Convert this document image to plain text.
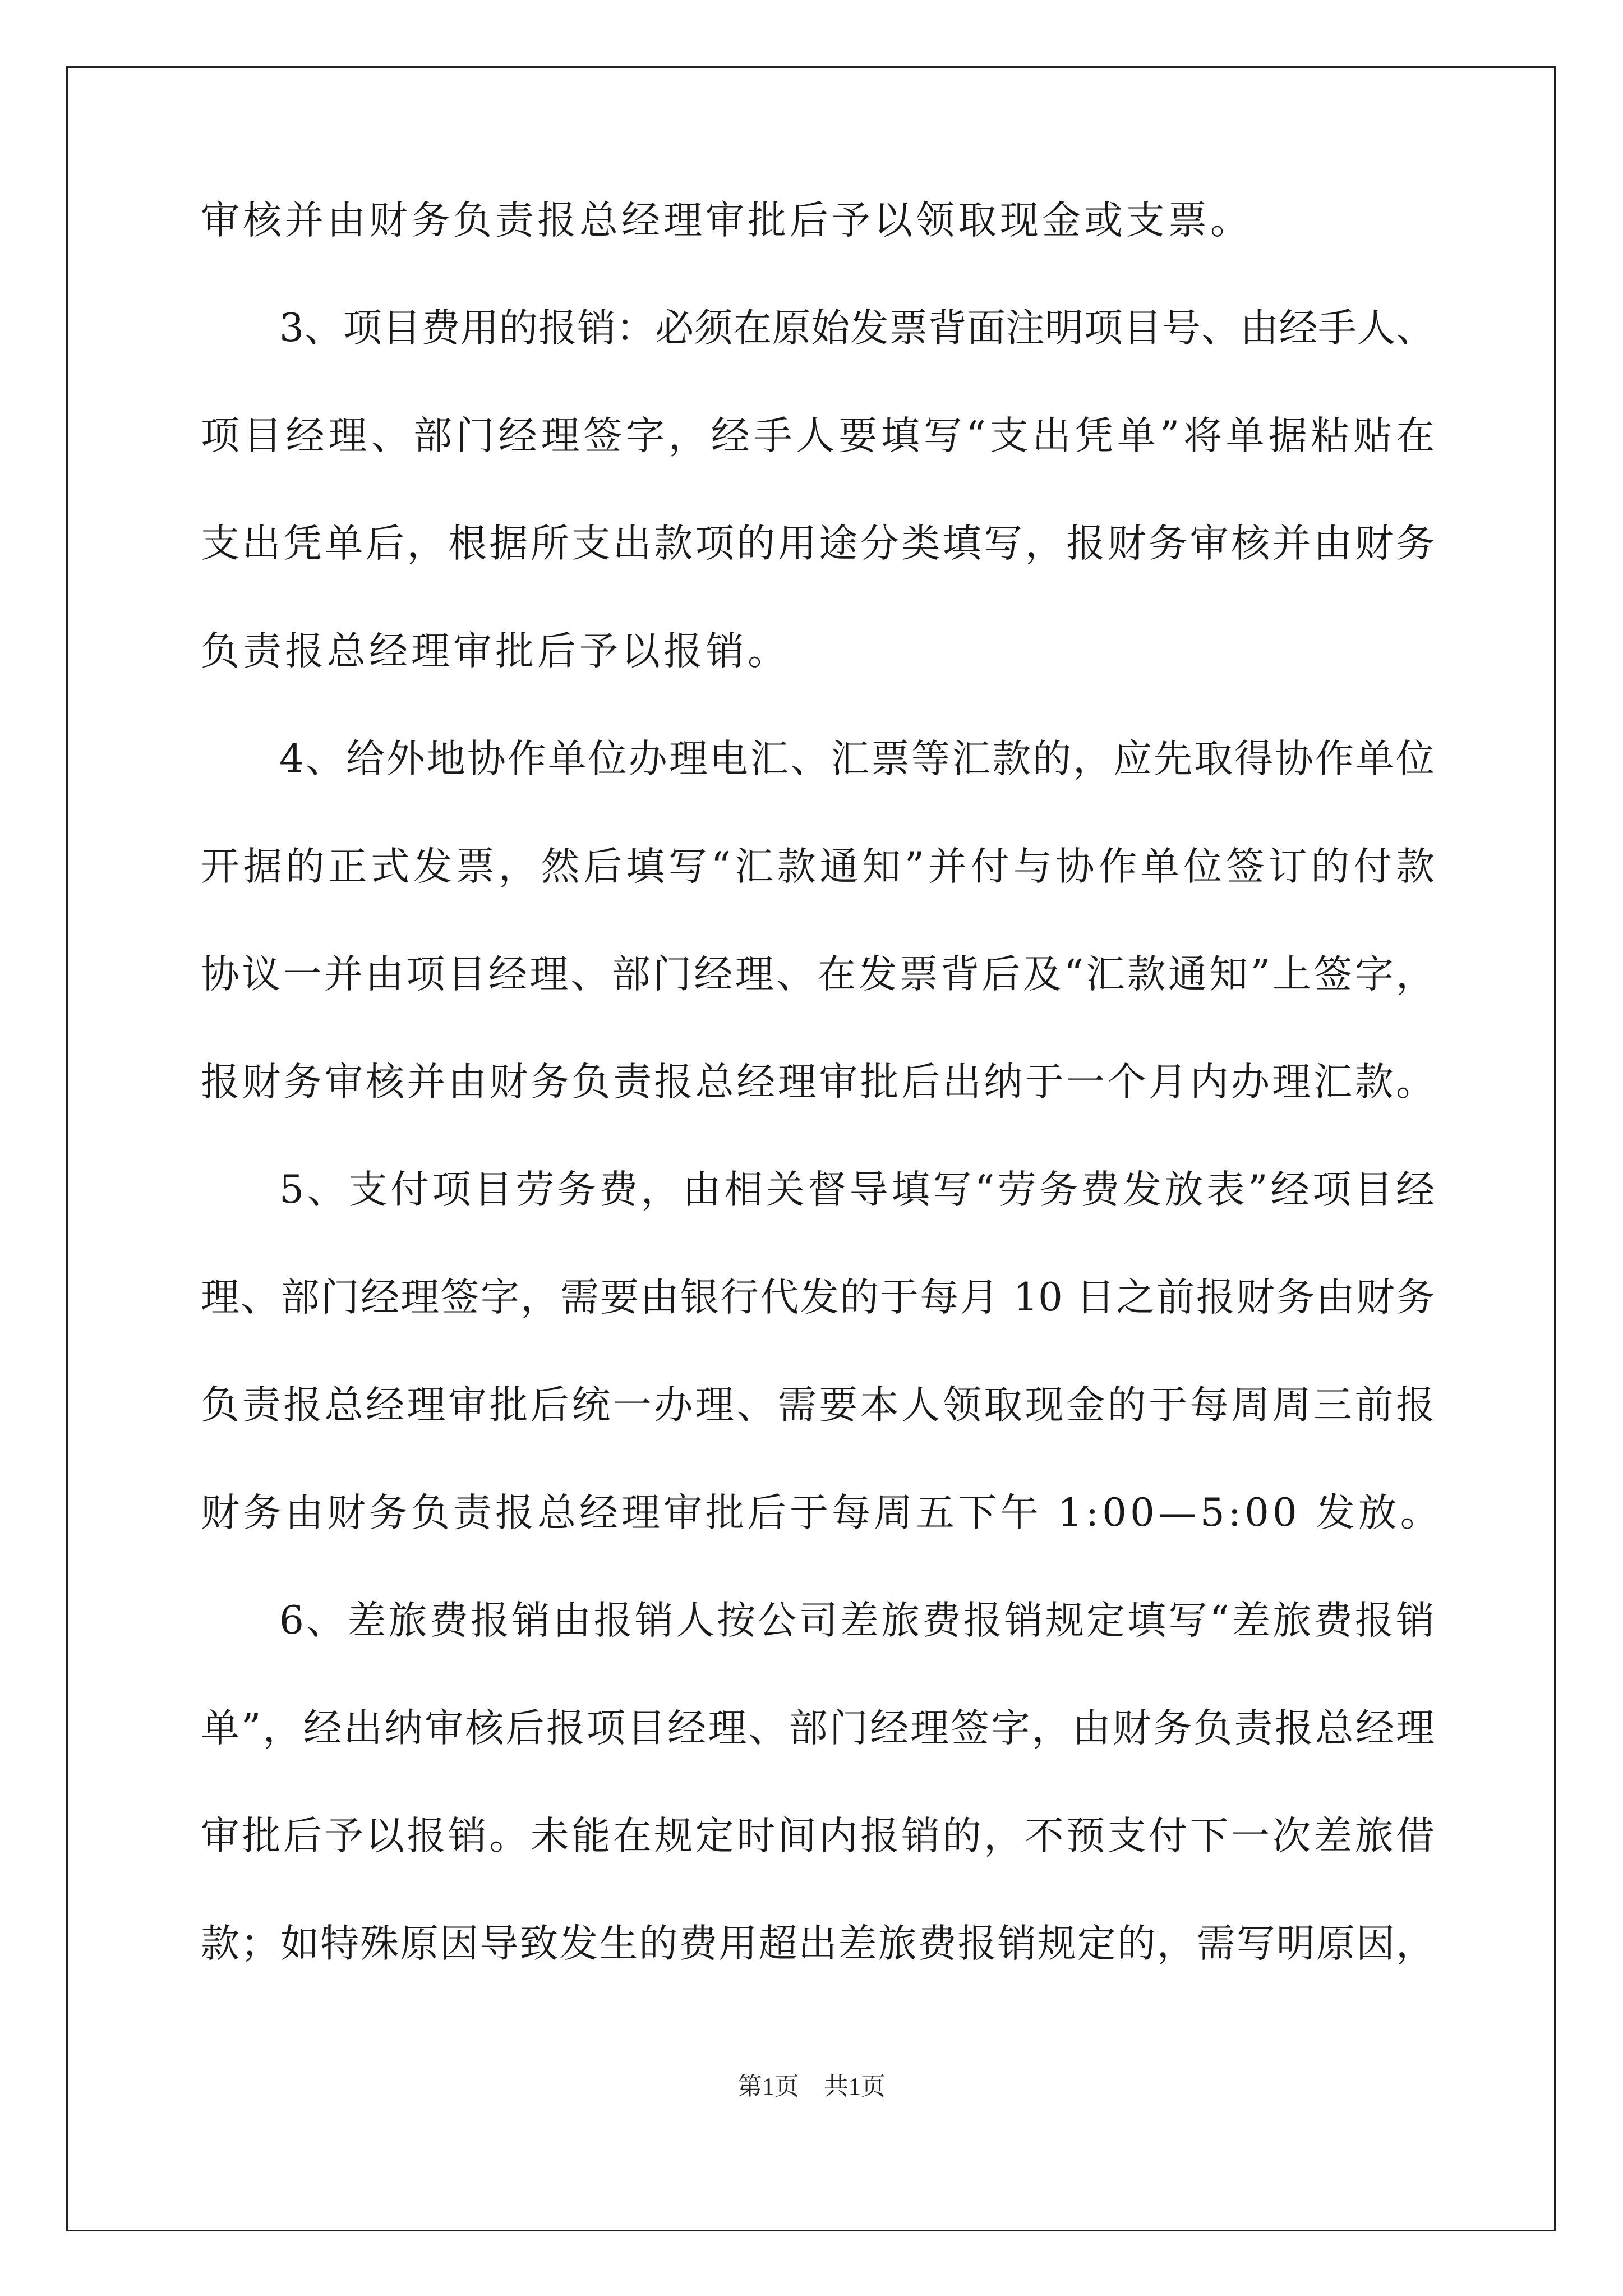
审核并由财务负责报总经理审批后予以领取现金或支票。
3、项目费用的报销：必须在原始发票背面注明项目号、由经手人、
项目经理、部门经理签字，经手人要填写“支出凭单”将单据粘贴在
支出凭单后，根据所支出款项的用途分类填写，报财务审核并由财务
负责报总经理审批后予以报销。
4、给外地协作单位办理电汇、汇票等汇款的，应先取得协作单位
开据的正式发票，然后填写“汇款通知”并付与协作单位签订的付款
协议一并由项目经理、部门经理、在发票背后及“汇款通知”上签字，
报财务审核并由财务负责报总经理审批后出纳于一个月内办理汇款。
5、支付项目劳务费，由相关督导填写“劳务费发放表”经项目经
理、部门经理签字，需要由银行代发的于每月 10 日之前报财务由财务
负责报总经理审批后统一办理、需要本人领取现金的于每周周三前报
财务由财务负责报总经理审批后于每周五下午 1:00—5:00 发放。
6、差旅费报销由报销人按公司差旅费报销规定填写“差旅费报销
单”，经出纳审核后报项目经理、部门经理签字，由财务负责报总经理
审批后予以报销。未能在规定时间内报销的，不预支付下一次差旅借
款；如特殊原因导致发生的费用超出差旅费报销规定的，需写明原因，
第1页　共1页
